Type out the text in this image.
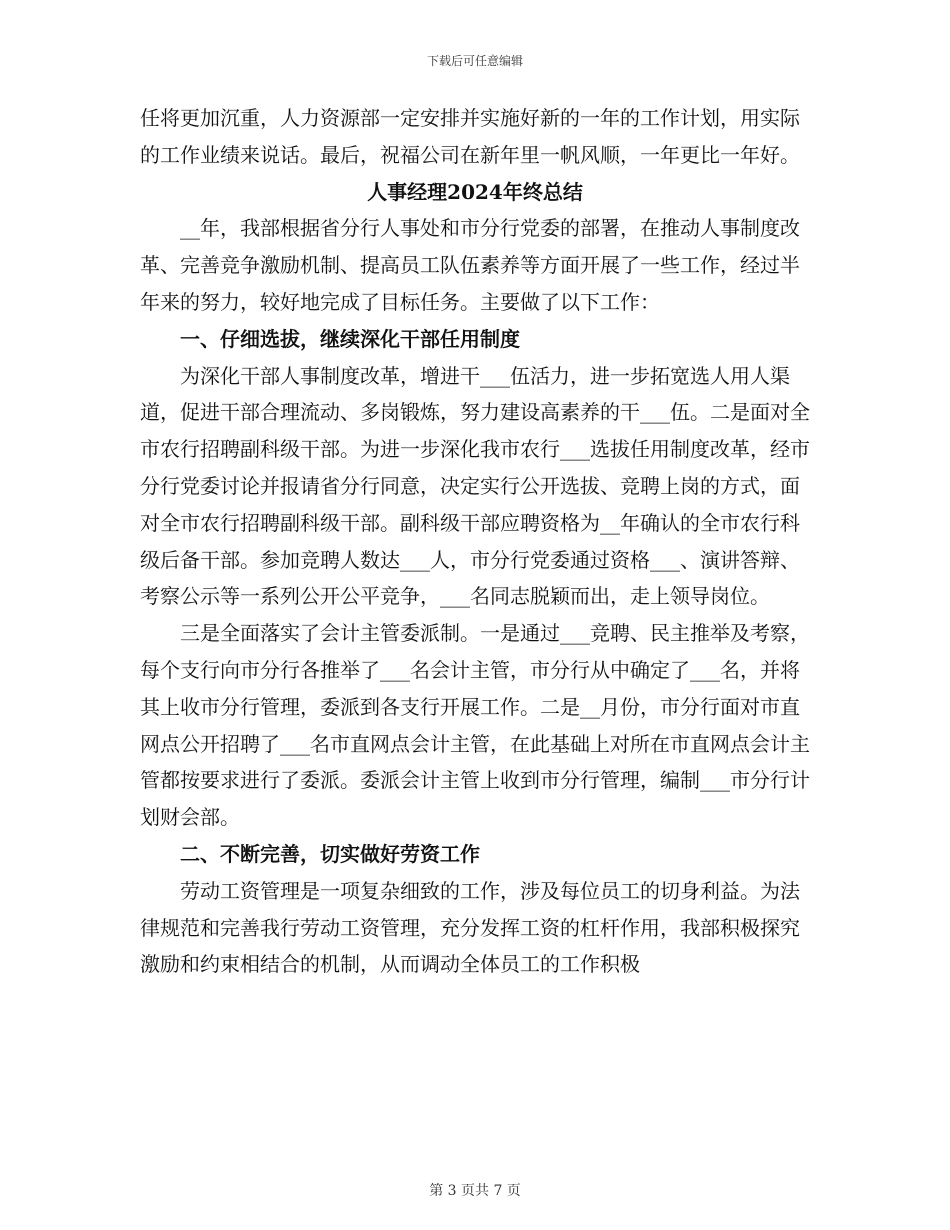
下载后可任意编辑

任将更加沉重，人力资源部一定安排并实施好新的一年的工作计划，用实际的工作业绩来说话。最后，祝福公司在新年里一帆风顺，一年更比一年好。

人事经理2024年终总结

__年，我部根据省分行人事处和市分行党委的部署，在推动人事制度改革、完善竞争激励机制、提高员工队伍素养等方面开展了一些工作，经过半年来的努力，较好地完成了目标任务。主要做了以下工作：

一、仔细选拔，继续深化干部任用制度

为深化干部人事制度改革，增进干___伍活力，进一步拓宽选人用人渠道，促进干部合理流动、多岗锻炼，努力建设高素养的干___伍。二是面对全市农行招聘副科级干部。为进一步深化我市农行___选拔任用制度改革，经市分行党委讨论并报请省分行同意，决定实行公开选拔、竞聘上岗的方式，面对全市农行招聘副科级干部。副科级干部应聘资格为__年确认的全市农行科级后备干部。参加竞聘人数达___人，市分行党委通过资格___、演讲答辩、考察公示等一系列公开公平竞争，___名同志脱颖而出，走上领导岗位。

三是全面落实了会计主管委派制。一是通过___竞聘、民主推举及考察，每个支行向市分行各推举了___名会计主管，市分行从中确定了___名，并将其上收市分行管理，委派到各支行开展工作。二是__月份，市分行面对市直网点公开招聘了___名市直网点会计主管，在此基础上对所在市直网点会计主管都按要求进行了委派。委派会计主管上收到市分行管理，编制___市分行计划财会部。

二、不断完善，切实做好劳资工作

劳动工资管理是一项复杂细致的工作，涉及每位员工的切身利益。为法律规范和完善我行劳动工资管理，充分发挥工资的杠杆作用，我部积极探究激励和约束相结合的机制，从而调动全体员工的工作积极

第 3 页共 7 页
